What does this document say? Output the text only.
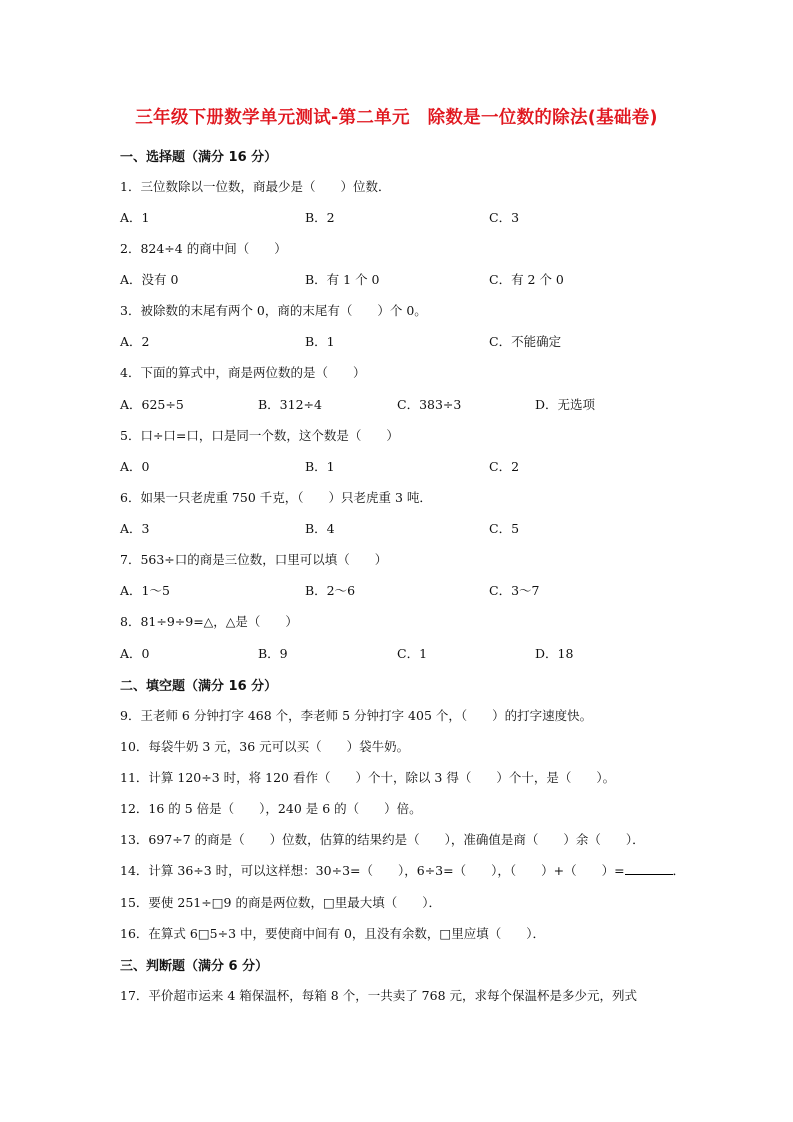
三年级下册数学单元测试-第二单元　除数是一位数的除法(基础卷)
一、选择题（满分 16 分）
1．三位数除以一位数，商最少是（　　）位数．
A．1	B．2	C．3
2．824÷4 的商中间（　　）
A．没有 0	B．有 1 个 0	C．有 2 个 0
3．被除数的末尾有两个 0，商的末尾有（　　）个 0。
A．2	B．1	C．不能确定
4．下面的算式中，商是两位数的是（　　）
A．625÷5	B．312÷4	C．383÷3	D．无选项
5．口÷口=口，口是同一个数，这个数是（　　）
A．0	B．1	C．2
6．如果一只老虎重 750 千克，（　　）只老虎重 3 吨．
A．3	B．4	C．5
7．563÷口的商是三位数，口里可以填（　　）
A．1～5	B．2～6	C．3～7
8．81÷9÷9=△，△是（　　）
A．0	B．9	C．1	D．18
二、填空题（满分 16 分）
9．王老师 6 分钟打字 468 个，李老师 5 分钟打字 405 个，（　　）的打字速度快。
10．每袋牛奶 3 元，36 元可以买（　　）袋牛奶。
11．计算 120÷3 时，将 120 看作（　　）个十，除以 3 得（　　）个十，是（　　）。
12．16 的 5 倍是（　　），240 是 6 的（　　）倍。
13．697÷7 的商是（　　）位数，估算的结果约是（　　），准确值是商（　　）余（　　）．
14．计算 36÷3 时，可以这样想：30÷3=（　　），6÷3=（　　），（　　）+（　　）=	．
15．要使 251÷□9 的商是两位数，□里最大填（　　）．
16．在算式 6□5÷3 中，要使商中间有 0，且没有余数，□里应填（　　）．
三、判断题（满分 6 分）
17．平价超市运来 4 箱保温杯，每箱 8 个，一共卖了 768 元，求每个保温杯是多少元，列式
